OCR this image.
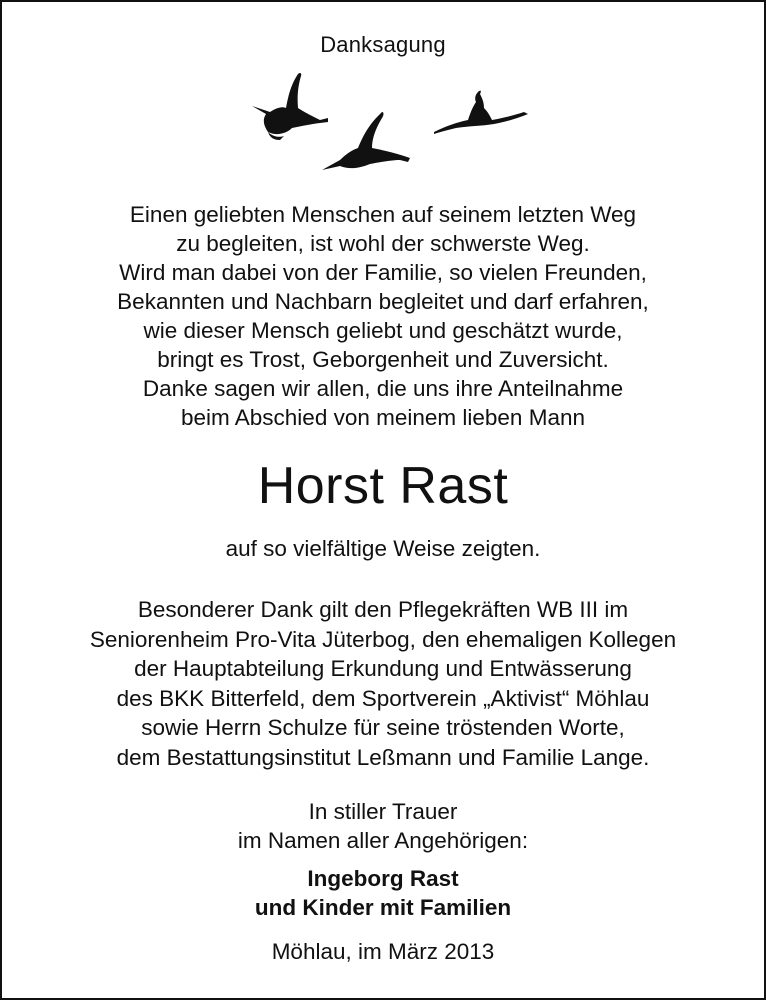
Danksagung
Einen geliebten Menschen auf seinem letzten Weg
zu begleiten, ist wohl der schwerste Weg.
Wird man dabei von der Familie, so vielen Freunden,
Bekannten und Nachbarn begleitet und darf erfahren,
wie dieser Mensch geliebt und geschätzt wurde,
bringt es Trost, Geborgenheit und Zuversicht.
Danke sagen wir allen, die uns ihre Anteilnahme
beim Abschied von meinem lieben Mann
Horst Rast
auf so vielfältige Weise zeigten.
Besonderer Dank gilt den Pflegekräften WB III im
Seniorenheim Pro-Vita Jüterbog, den ehemaligen Kollegen
der Hauptabteilung Erkundung und Entwässerung
des BKK Bitterfeld, dem Sportverein „Aktivist“ Möhlau
sowie Herrn Schulze für seine tröstenden Worte,
dem Bestattungsinstitut Leßmann und Familie Lange.
In stiller Trauer
im Namen aller Angehörigen:
Ingeborg Rast
und Kinder mit Familien
Möhlau, im März 2013
